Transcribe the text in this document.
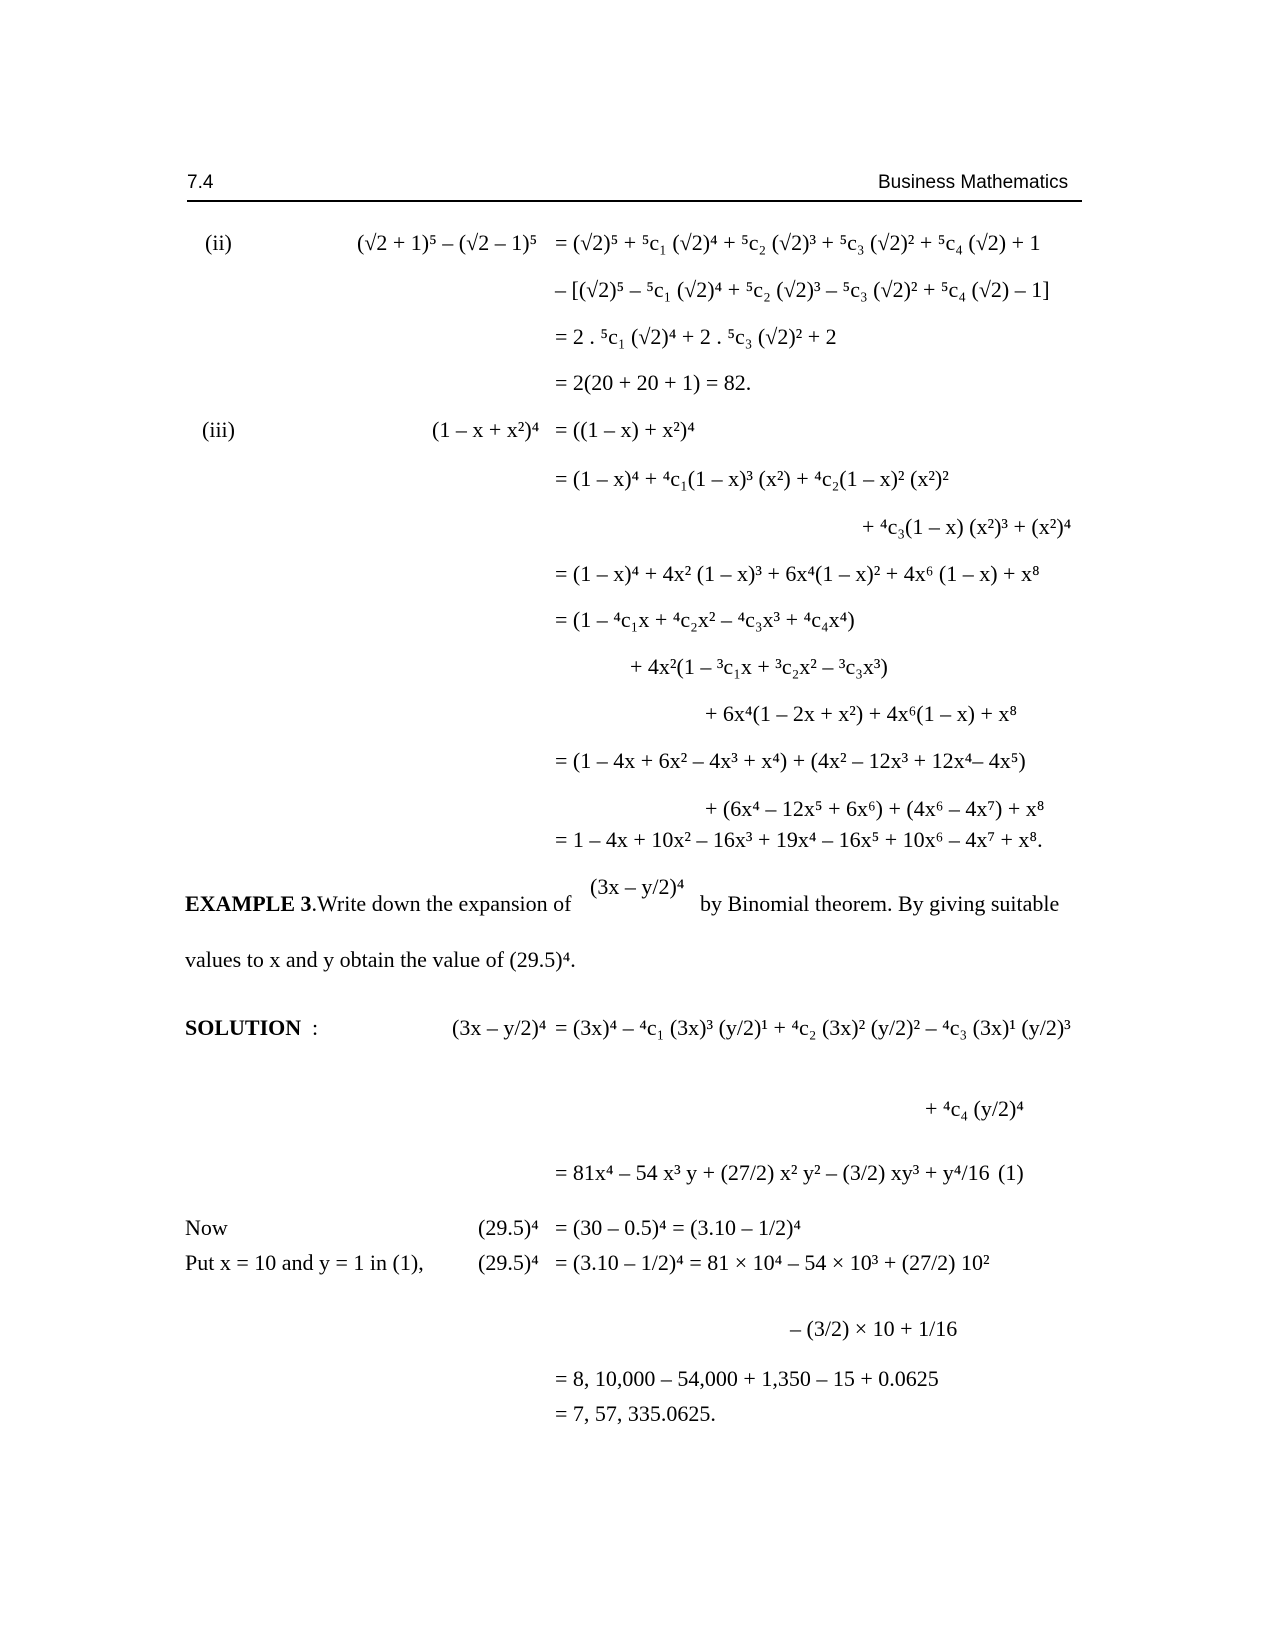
7.4	Business Mathematics
(ii)	(√2 + 1)⁵ – (√2 – 1)⁵ = (√2)⁵ + ⁵c₁ (√2)⁴ + ⁵c₂ (√2)³ + ⁵c₃ (√2)² + ⁵c₄ (√2) + 1
– [(√2)⁵ – ⁵c₁ (√2)⁴ + ⁵c₂ (√2)³ – ⁵c₃ (√2)² + ⁵c₄ (√2) – 1]
= 2 . ⁵c₁ (√2)⁴ + 2 . ⁵c₃ (√2)² + 2
= 2(20 + 20 + 1) = 82.
(iii)	(1 – x + x²)⁴ = ((1 – x) + x²)⁴
= (1 – x)⁴ + ⁴c₁(1 – x)³ (x²) + ⁴c₂(1 – x)² (x²)²
+ ⁴c₃(1 – x) (x²)³ + (x²)⁴
= (1 – x)⁴ + 4x² (1 – x)³ + 6x⁴(1 – x)² + 4x⁶ (1 – x) + x⁸
= (1 – ⁴c₁x + ⁴c₂x² – ⁴c₃x³ + ⁴c₄x⁴)
+ 4x²(1 – ³c₁x + ³c₂x² – ³c₃x³)
+ 6x⁴(1 – 2x + x²) + 4x⁶(1 – x) + x⁸
= (1 – 4x + 6x² – 4x³ + x⁴) + (4x² – 12x³ + 12x⁴– 4x⁵)
+ (6x⁴ – 12x⁵ + 6x⁶) + (4x⁶ – 4x⁷) + x⁸
= 1 – 4x + 10x² – 16x³ + 19x⁴ – 16x⁵ + 10x⁶ – 4x⁷ + x⁸.
EXAMPLE 3.Write down the expansion of
(3x – y/2)⁴
by Binomial theorem. By giving suitable
values to x and y obtain the value of (29.5)⁴.
SOLUTION :	(3x – y/2)⁴ = (3x)⁴ – ⁴c₁ (3x)³ (y/2)¹ + ⁴c₂ (3x)² (y/2)² – ⁴c₃ (3x)¹ (y/2)³
+ ⁴c₄ (y/2)⁴
= 81x⁴ – 54 x³ y + (27/2) x² y² – (3/2) xy³ + y⁴/16 (1)
Now	(29.5)⁴ = (30 – 0.5)⁴ = (3.10 – 1/2)⁴
Put x = 10 and y = 1 in (1), (29.5)⁴ = (3.10 – 1/2)⁴ = 81 × 10⁴ – 54 × 10³ + (27/2) 10²
– (3/2) × 10 + 1/16
= 8, 10,000 – 54,000 + 1,350 – 15 + 0.0625
= 7, 57, 335.0625.
